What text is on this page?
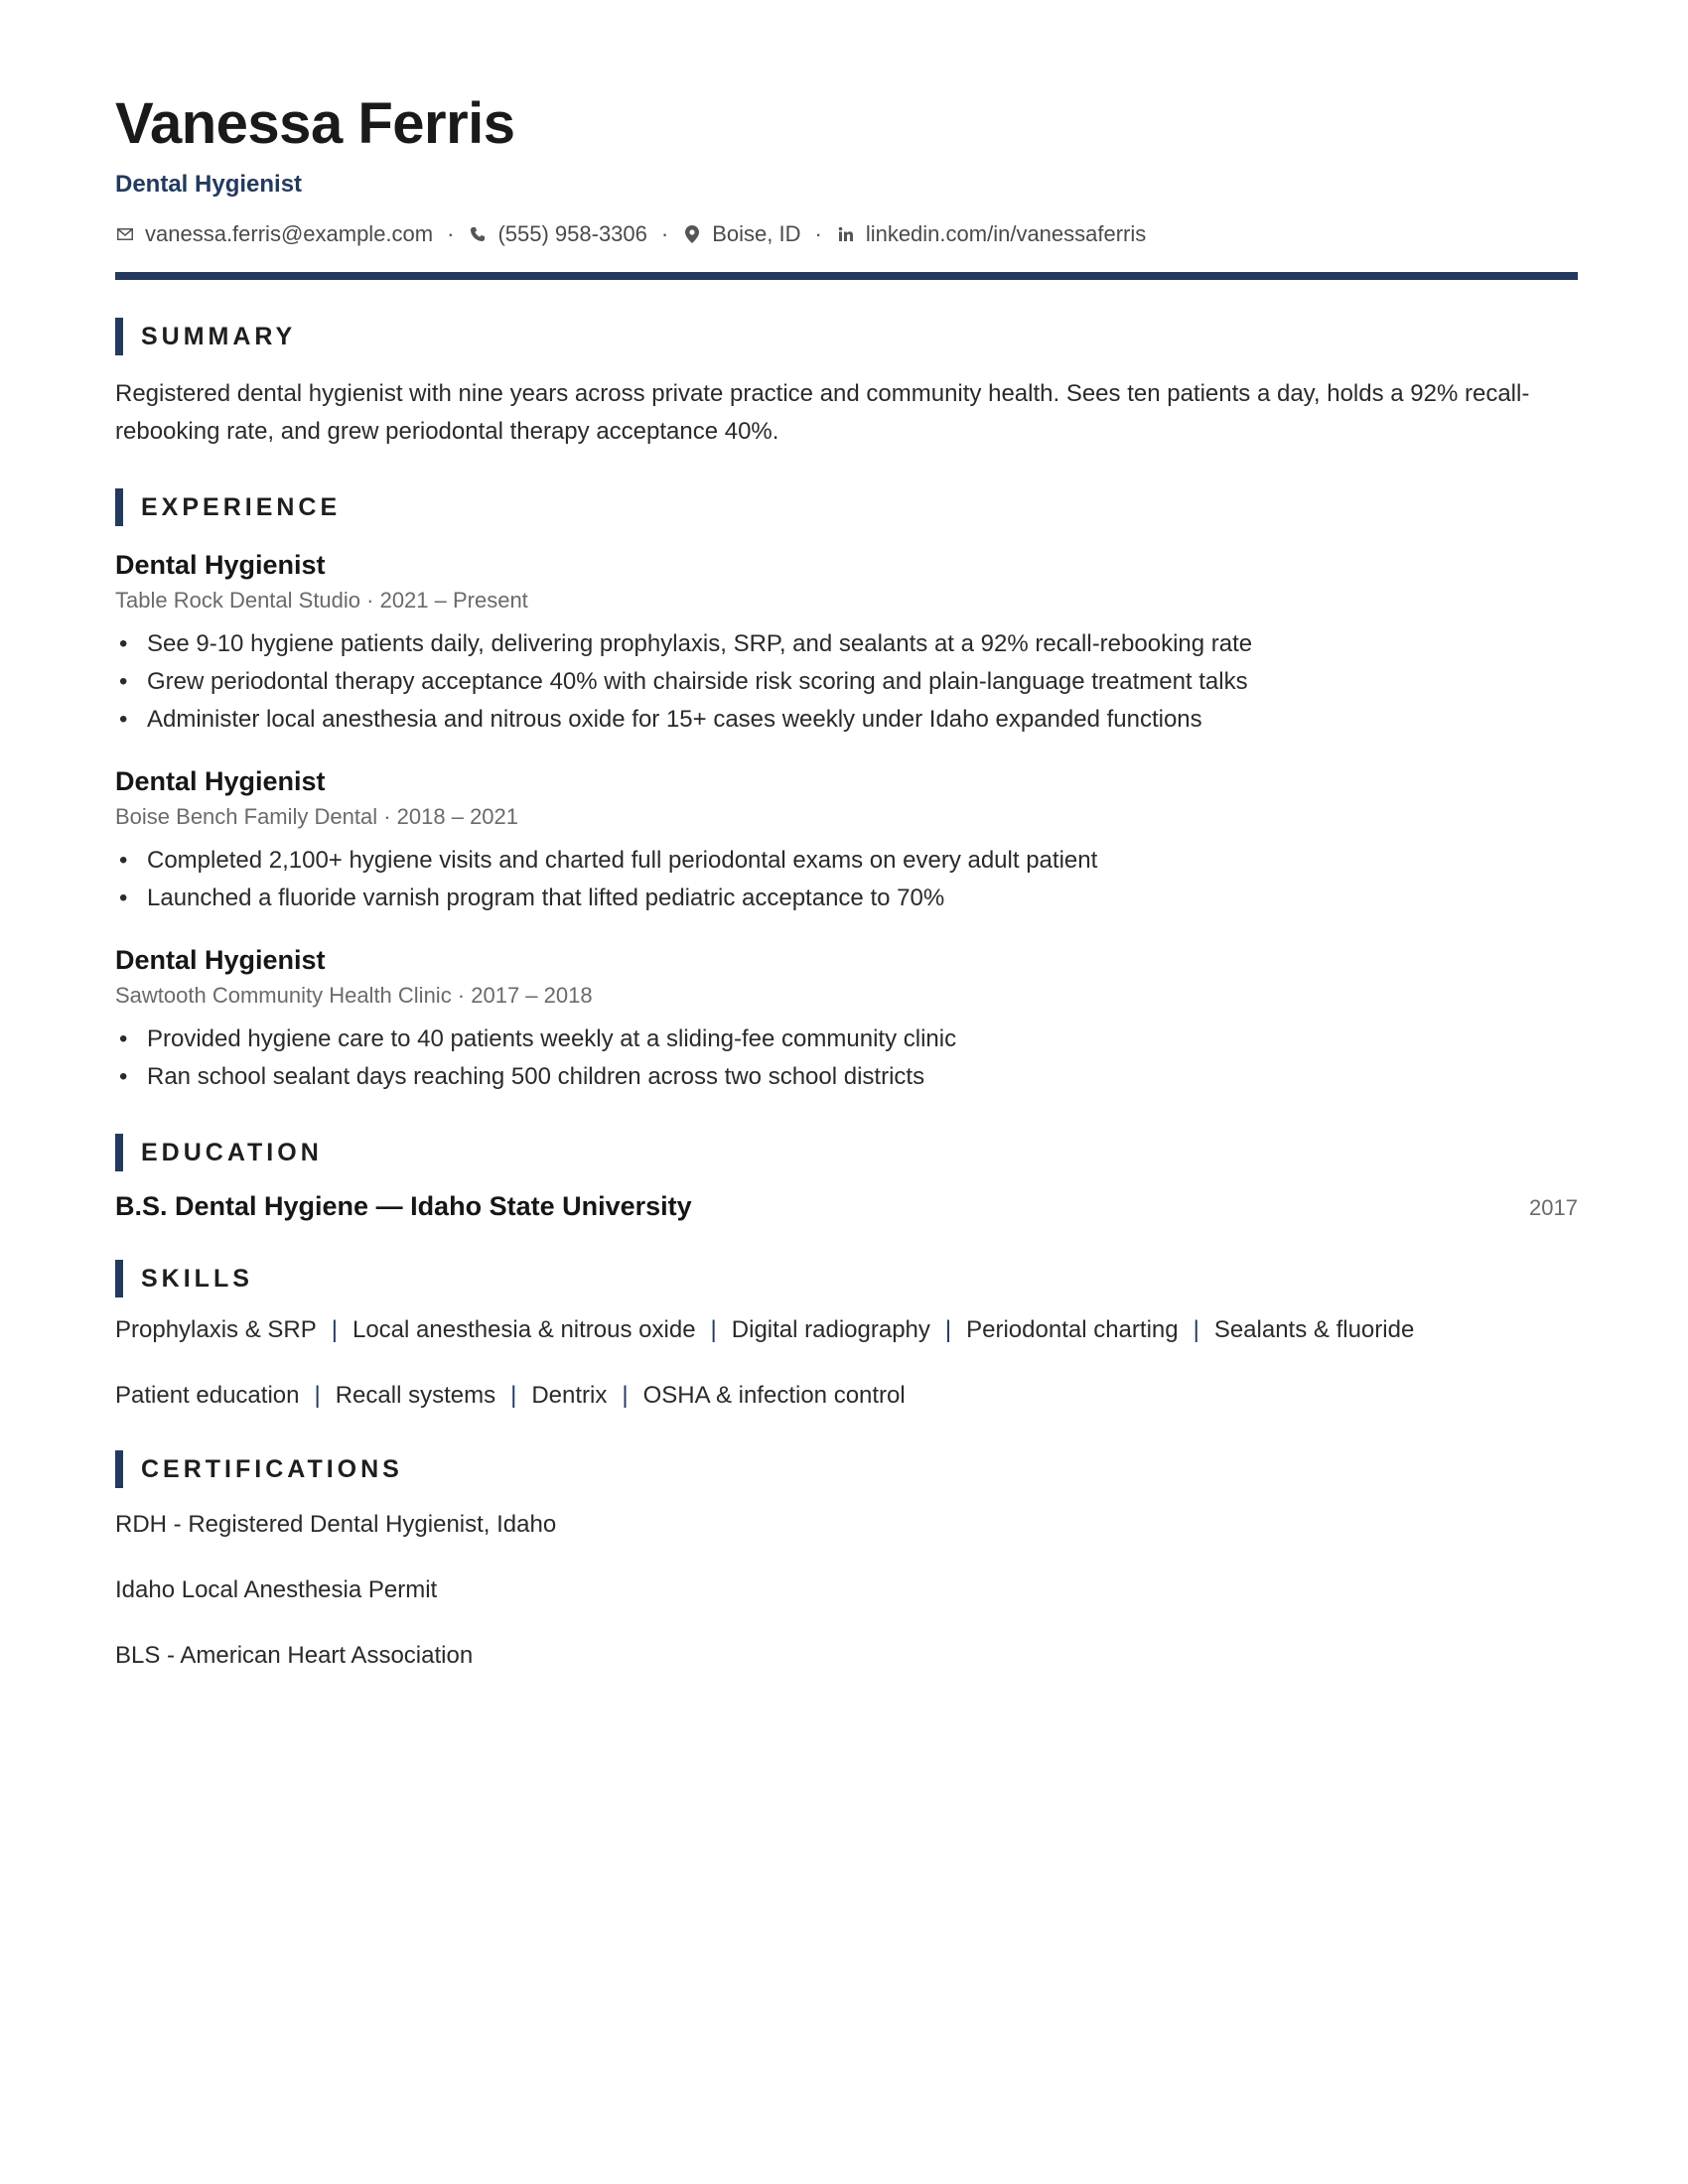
Vanessa Ferris
Dental Hygienist
vanessa.ferris@example.com · (555) 958-3306 · Boise, ID · linkedin.com/in/vanessaferris
SUMMARY
Registered dental hygienist with nine years across private practice and community health. Sees ten patients a day, holds a 92% recall-rebooking rate, and grew periodontal therapy acceptance 40%.
EXPERIENCE
Dental Hygienist
Table Rock Dental Studio · 2021 – Present
• See 9-10 hygiene patients daily, delivering prophylaxis, SRP, and sealants at a 92% recall-rebooking rate
• Grew periodontal therapy acceptance 40% with chairside risk scoring and plain-language treatment talks
• Administer local anesthesia and nitrous oxide for 15+ cases weekly under Idaho expanded functions
Dental Hygienist
Boise Bench Family Dental · 2018 – 2021
• Completed 2,100+ hygiene visits and charted full periodontal exams on every adult patient
• Launched a fluoride varnish program that lifted pediatric acceptance to 70%
Dental Hygienist
Sawtooth Community Health Clinic · 2017 – 2018
• Provided hygiene care to 40 patients weekly at a sliding-fee community clinic
• Ran school sealant days reaching 500 children across two school districts
EDUCATION
B.S. Dental Hygiene — Idaho State University	2017
SKILLS
Prophylaxis & SRP | Local anesthesia & nitrous oxide | Digital radiography | Periodontal charting | Sealants & fluoride
Patient education | Recall systems | Dentrix | OSHA & infection control
CERTIFICATIONS
RDH - Registered Dental Hygienist, Idaho
Idaho Local Anesthesia Permit
BLS - American Heart Association
